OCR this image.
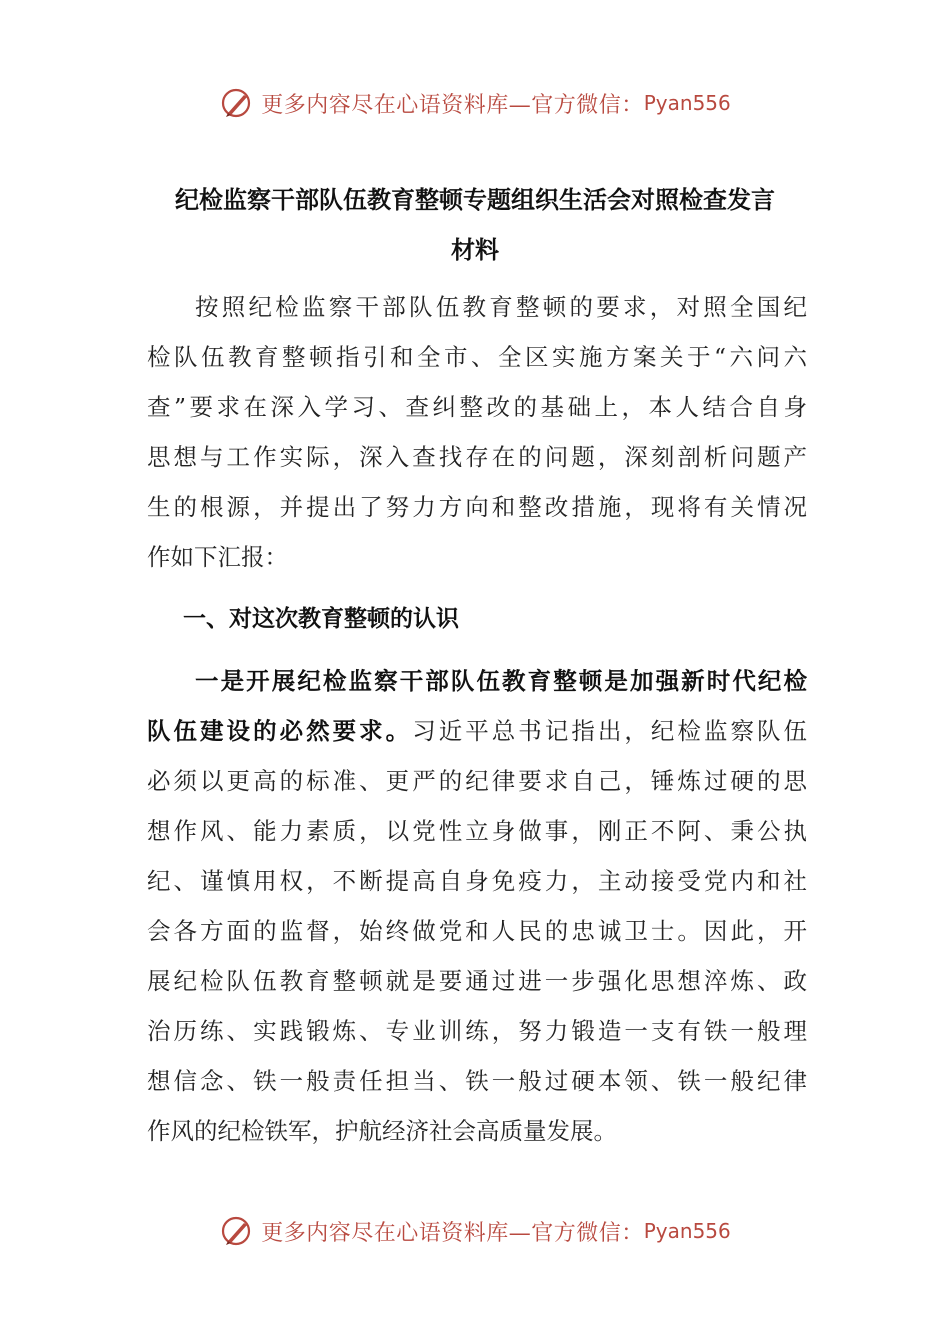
更多内容尽在心语资料库—官方微信： Pyan556
纪检监察干部队伍教育整顿专题组织生活会对照检查发言
材料
按照纪检监察干部队伍教育整顿的要求，对照全国纪
检队伍教育整顿指引和全市、全区实施方案关于“六问六
查”要求在深入学习、查纠整改的基础上，本人结合自身
思想与工作实际，深入查找存在的问题，深刻剖析问题产
生的根源，并提出了努力方向和整改措施，现将有关情况
作如下汇报：
一、对这次教育整顿的认识
一是开展纪检监察干部队伍教育整顿是加强新时代纪检
队伍建设的必然要求。习近平总书记指出，纪检监察队伍
必须以更高的标准、更严的纪律要求自己，锤炼过硬的思
想作风、能力素质，以党性立身做事，刚正不阿、秉公执
纪、谨慎用权，不断提高自身免疫力，主动接受党内和社
会各方面的监督，始终做党和人民的忠诚卫士。因此，开
展纪检队伍教育整顿就是要通过进一步强化思想淬炼、政
治历练、实践锻炼、专业训练，努力锻造一支有铁一般理
想信念、铁一般责任担当、铁一般过硬本领、铁一般纪律
作风的纪检铁军，护航经济社会高质量发展。
更多内容尽在心语资料库—官方微信： Pyan556
